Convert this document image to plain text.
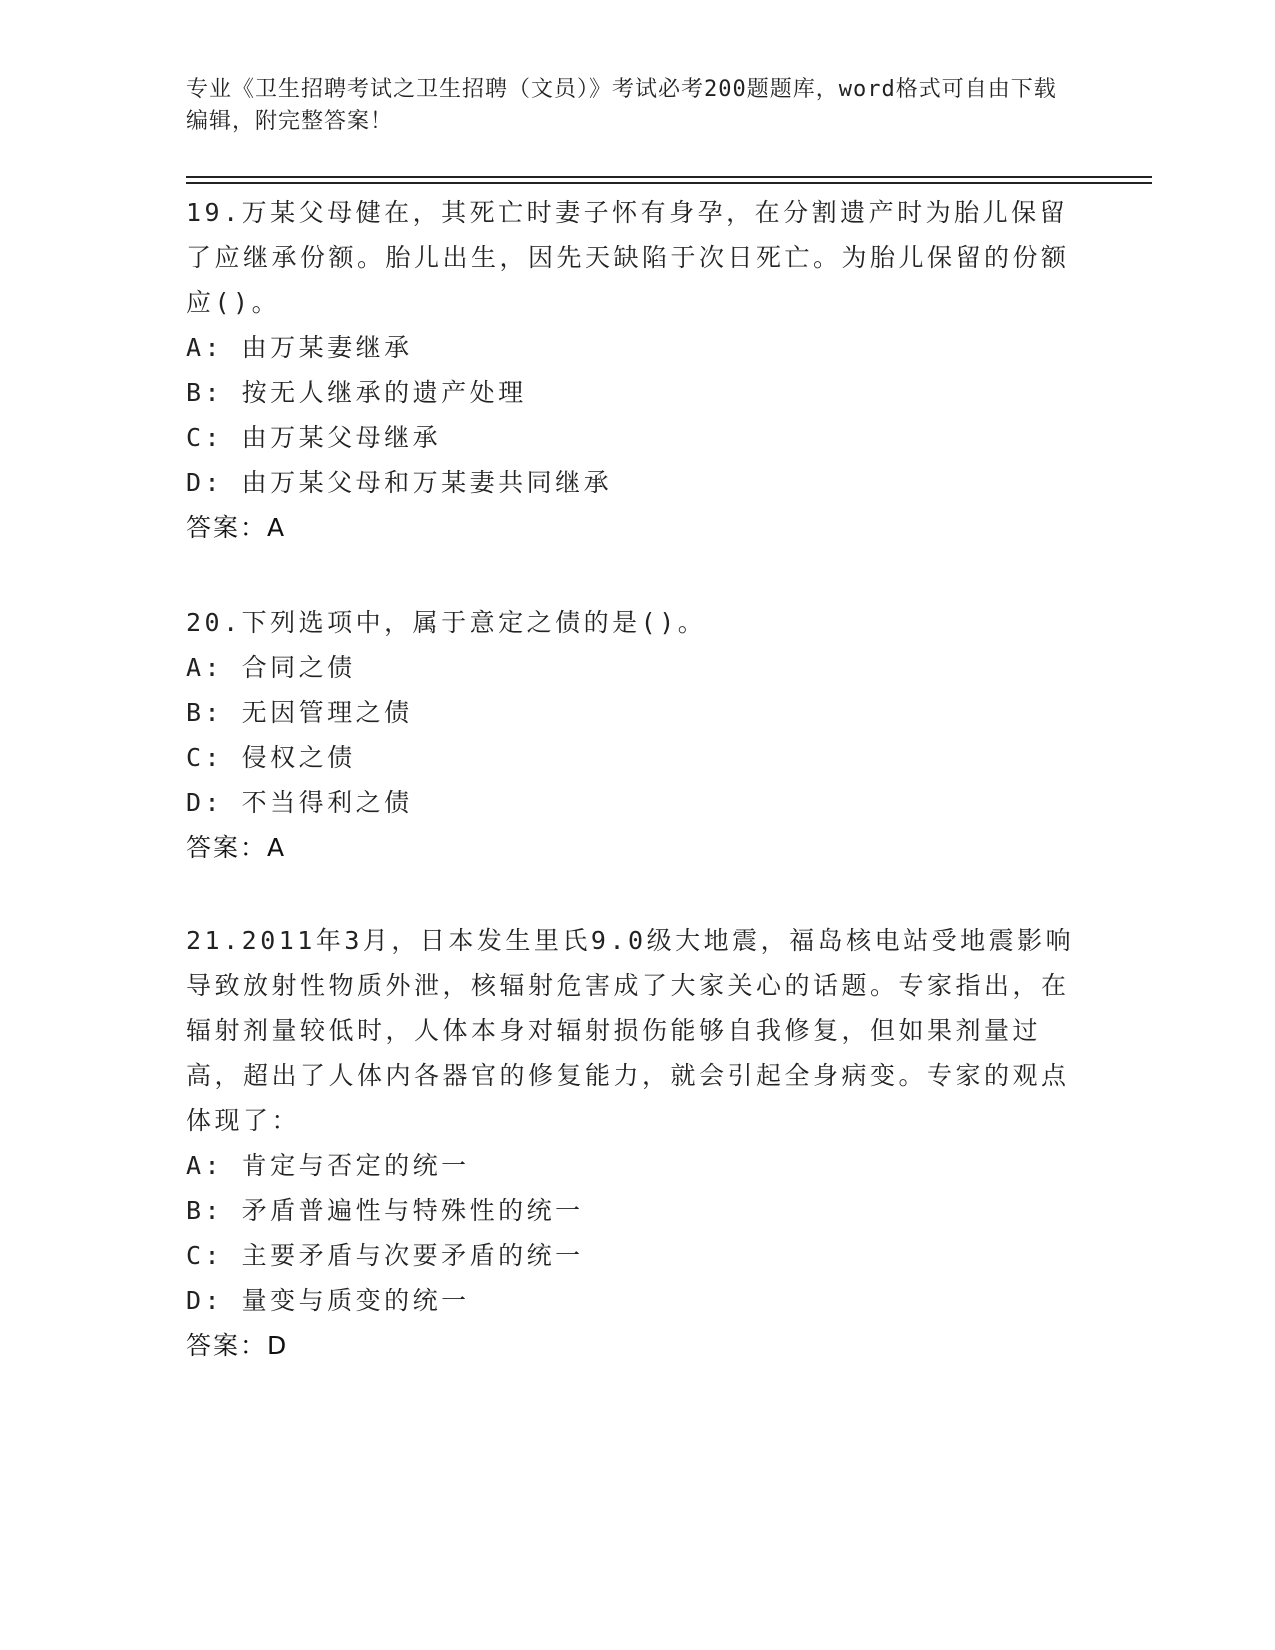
专业《卫生招聘考试之卫生招聘（文员）》考试必考200题题库，word格式可自由下载编辑，附完整答案！

19.万某父母健在，其死亡时妻子怀有身孕，在分割遗产时为胎儿保留了应继承份额。胎儿出生，因先天缺陷于次日死亡。为胎儿保留的份额应()。

A: 由万某妻继承

B: 按无人继承的遗产处理

C: 由万某父母继承

D: 由万某父母和万某妻共同继承

答案：A

20.下列选项中，属于意定之债的是()。

A: 合同之债

B: 无因管理之债

C: 侵权之债

D: 不当得利之债

答案：A

21.2011年3月，日本发生里氏9.0级大地震，福岛核电站受地震影响导致放射性物质外泄，核辐射危害成了大家关心的话题。专家指出，在辐射剂量较低时，人体本身对辐射损伤能够自我修复，但如果剂量过高，超出了人体内各器官的修复能力，就会引起全身病变。专家的观点体现了：

A: 肯定与否定的统一

B: 矛盾普遍性与特殊性的统一

C: 主要矛盾与次要矛盾的统一

D: 量变与质变的统一

答案：D
